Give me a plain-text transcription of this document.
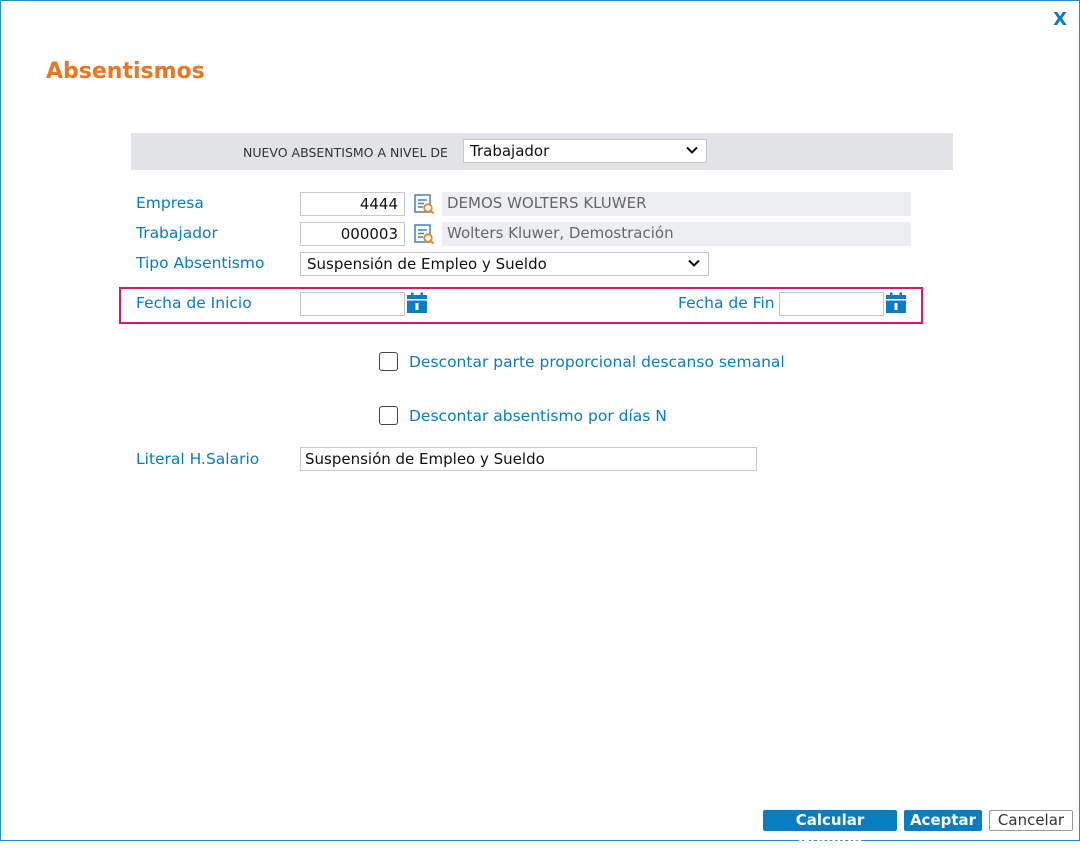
X
Absentismos
NUEVO ABSENTISMO A NIVEL DE	Trabajador
Empresa	4444	DEMOS WOLTERS KLUWER
Trabajador	000003	Wolters Kluwer, Demostración
Tipo Absentismo	Suspensión de Empleo y Sueldo
Fecha de Inicio	Fecha de Fin
Descontar parte proporcional descanso semanal
Descontar absentismo por días N
Literal H.Salario	Suspensión de Empleo y Sueldo
Calcular Nómina
Aceptar	Cancelar
